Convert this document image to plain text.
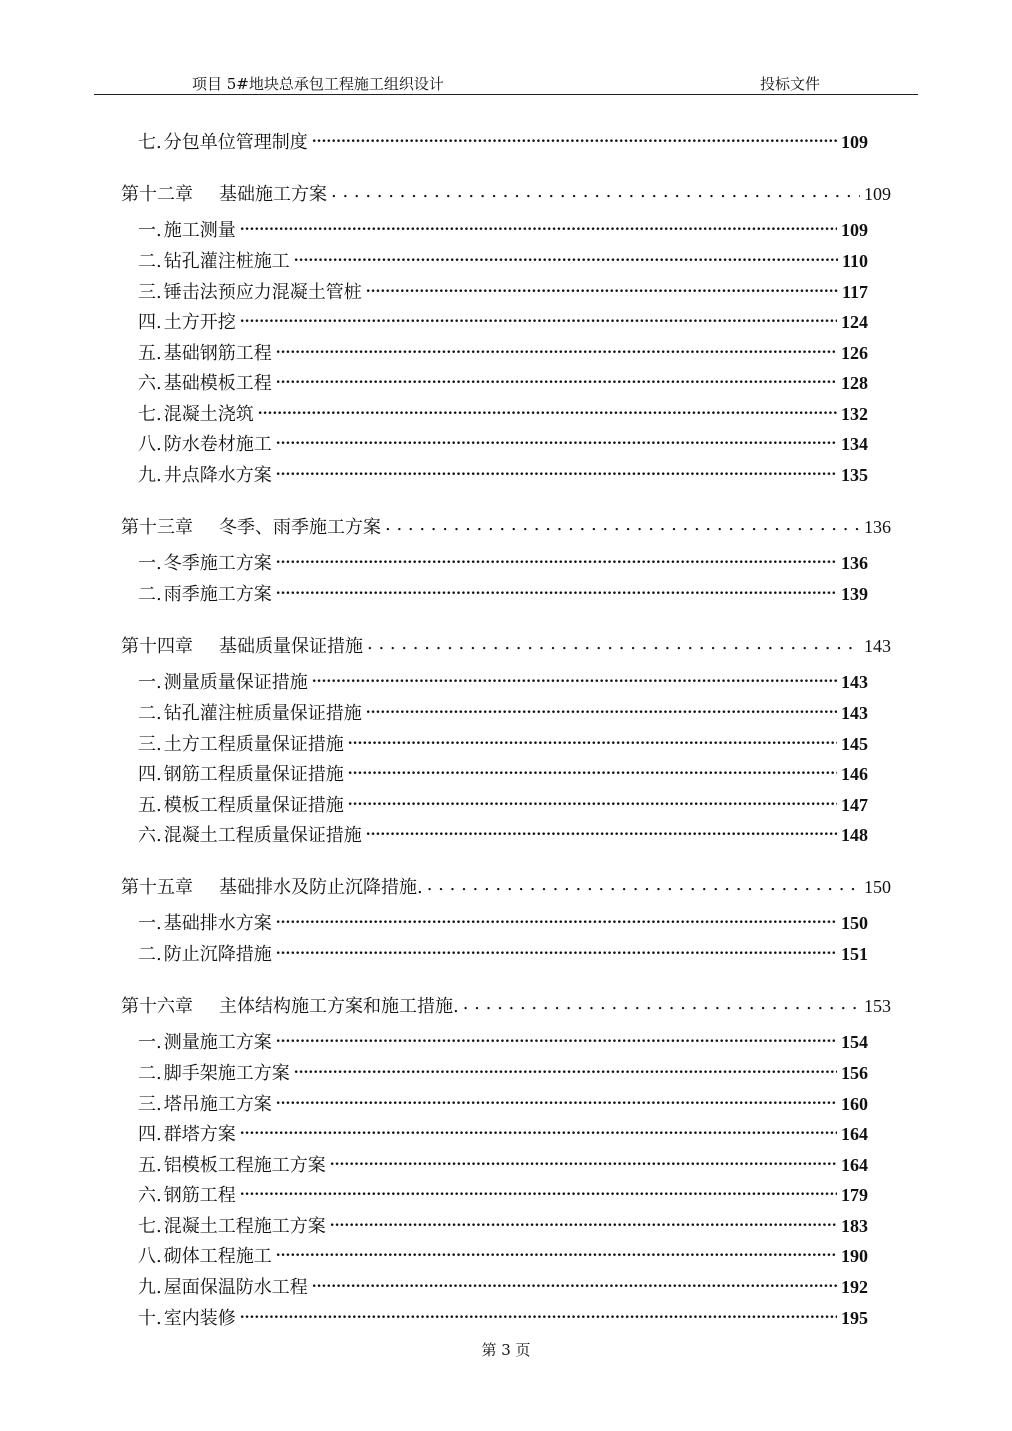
项目 5#地块总承包工程施工组织设计	投标文件
七. 分包单位管理制度 .....	109
第十二章 基础施工方案 . . .	109
一. 施工测量 .....	109
二. 钻孔灌注桩施工 .....	110
三. 锤击法预应力混凝土管桩 .....	117
四. 土方开挖 .....	124
五. 基础钢筋工程 .....	126
六. 基础模板工程 .....	128
七. 混凝土浇筑 .....	132
八. 防水卷材施工 .....	134
九. 井点降水方案 .....	135
第十三章 冬季、雨季施工方案 . . .	136
一. 冬季施工方案 .....	136
二. 雨季施工方案 .....	139
第十四章 基础质量保证措施 . . .	143
一. 测量质量保证措施 .....	143
二. 钻孔灌注桩质量保证措施 .....	143
三. 土方工程质量保证措施 .....	145
四. 钢筋工程质量保证措施 .....	146
五. 模板工程质量保证措施 .....	147
六. 混凝土工程质量保证措施 .....	148
第十五章 基础排水及防止沉降措施. . . .	150
一. 基础排水方案 .....	150
二. 防止沉降措施 .....	151
第十六章 主体结构施工方案和施工措施. . . .	153
一. 测量施工方案 .....	154
二. 脚手架施工方案 .....	156
三. 塔吊施工方案 .....	160
四. 群塔方案 .....	164
五. 铝模板工程施工方案 .....	164
六. 钢筋工程 .....	179
七. 混凝土工程施工方案 .....	183
八. 砌体工程施工 .....	190
九. 屋面保温防水工程 .....	192
十. 室内装修 .....	195
第 3 页
